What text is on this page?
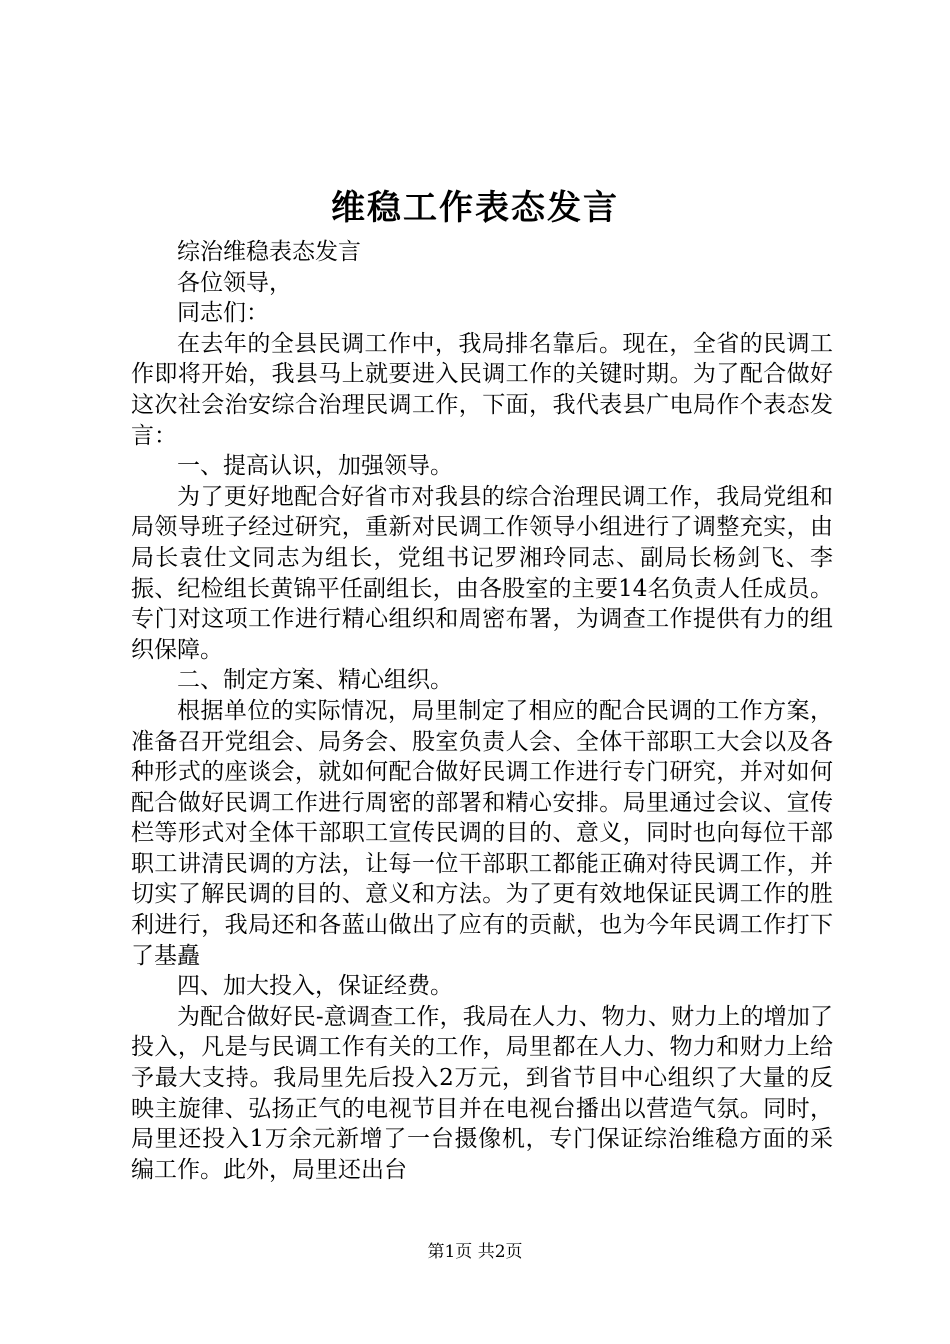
维稳工作表态发言

综治维稳表态发言

各位领导，

同志们：

在去年的全县民调工作中，我局排名靠后。现在，全省的民调工作即将开始，我县马上就要进入民调工作的关键时期。为了配合做好这次社会治安综合治理民调工作，下面，我代表县广电局作个表态发言：

一、提高认识，加强领导。

为了更好地配合好省市对我县的综合治理民调工作，我局党组和局领导班子经过研究，重新对民调工作领导小组进行了调整充实，由局长袁仕文同志为组长，党组书记罗湘玲同志、副局长杨剑飞、李振、纪检组长黄锦平任副组长，由各股室的主要14名负责人任成员。专门对这项工作进行精心组织和周密布署，为调查工作提供有力的组织保障。

二、制定方案、精心组织。

根据单位的实际情况，局里制定了相应的配合民调的工作方案，准备召开党组会、局务会、股室负责人会、全体干部职工大会以及各种形式的座谈会，就如何配合做好民调工作进行专门研究，并对如何配合做好民调工作进行周密的部署和精心安排。局里通过会议、宣传栏等形式对全体干部职工宣传民调的目的、意义，同时也向每位干部职工讲清民调的方法，让每一位干部职工都能正确对待民调工作，并切实了解民调的目的、意义和方法。为了更有效地保证民调工作的胜利进行，我局还和各蓝山做出了应有的贡献，也为今年民调工作打下了基矗

四、加大投入，保证经费。

为配合做好民-意调查工作，我局在人力、物力、财力上的增加了投入，凡是与民调工作有关的工作，局里都在人力、物力和财力上给予最大支持。我局里先后投入2万元，到省节目中心组织了大量的反映主旋律、弘扬正气的电视节目并在电视台播出以营造气氛。同时，局里还投入1万余元新增了一台摄像机，专门保证综治维稳方面的采编工作。此外，局里还出台

第1页 共2页
